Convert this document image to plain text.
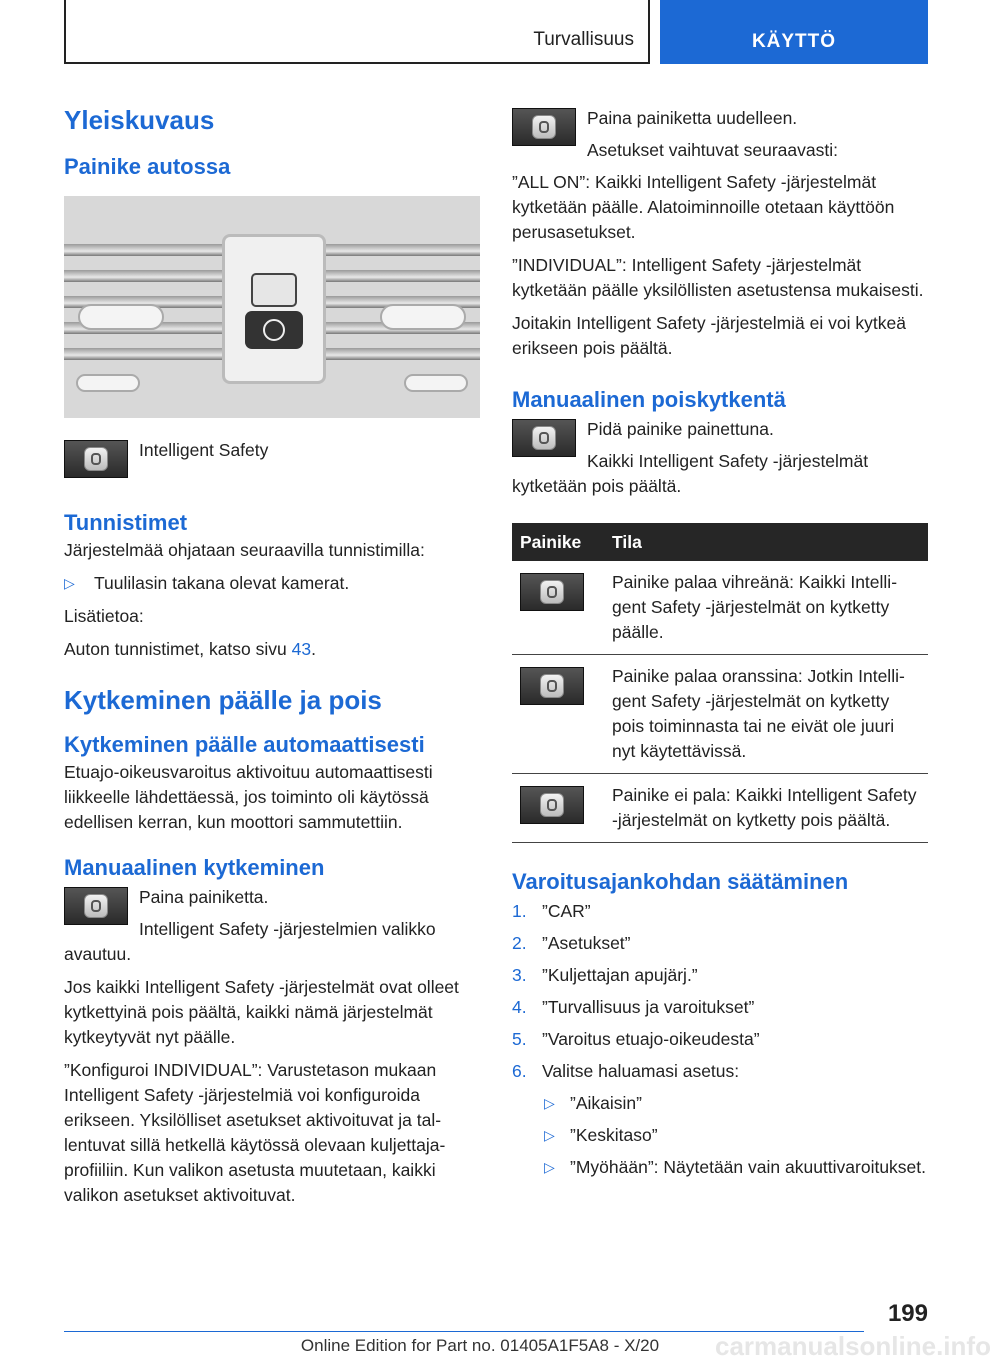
Turvallisuus	KÄYTTÖ
Yleiskuvaus
Painike autossa

Intelligent Safety

Tunnistimet

Järjestelmää ohjataan seuraavilla tunnistimilla:

▷ Tuulilasin takana olevat kamerat.

Lisätietoa:

Auton tunnistimet, katso sivu 43.

Kytkeminen päälle ja pois
Kytkeminen päälle automaattisesti

Etuajo-oikeusvaroitus aktivoituu automaattisesti liikkeelle lähdettäessä, jos toiminto oli käytössä edellisen kerran, kun moottori sammutettiin.

Manuaalinen kytkeminen

Paina painiketta.

Intelligent Safety -järjestelmien valikko avautuu.

Jos kaikki Intelligent Safety -järjestelmät ovat olleet kytkettyinä pois päältä, kaikki nämä järjestelmät kytkeytyvät nyt päälle.

”Konfiguroi INDIVIDUAL”: Varustetason mukaan Intelligent Safety -järjestelmiä voi konfiguroida erikseen. Yksilölliset asetukset aktivoituvat ja tallentuvat sillä hetkellä käytössä olevaan kuljettajaprofiiliin. Kun valikon asetusta muutetaan, kaikki valikon asetukset aktivoituvat.

Paina painiketta uudelleen.

Asetukset vaihtuvat seuraavasti:

”ALL ON”: Kaikki Intelligent Safety -järjestelmät kytketään päälle. Alatoiminnoille otetaan käyttöön perusasetukset.

”INDIVIDUAL”: Intelligent Safety -järjestelmät kytketään päälle yksilöllisten asetustensa mukaisesti.

Joitakin Intelligent Safety -järjestelmiä ei voi kytkeä erikseen pois päältä.

Manuaalinen poiskytkentä

Pidä painike painettuna.

Kaikki Intelligent Safety -järjestelmät kytketään pois päältä.

Painike	Tila

	Painike palaa vihreänä: Kaikki Intelligent Safety -järjestelmät on kytketty päälle.

	Painike palaa oranssina: Jotkin Intelligent Safety -järjestelmät on kytketty pois toiminnasta tai ne eivät ole juuri nyt käytettävissä.

	Painike ei pala: Kaikki Intelligent Safety -järjestelmät on kytketty pois päältä.
Varoitusajankohdan säätäminen
1. ”CAR”

2. ”Asetukset”

3. ”Kuljettajan apujärj.”

4. ”Turvallisuus ja varoitukset”

5. ”Varoitus etuajo-oikeudesta”

6. Valitse haluamasi asetus:

▷ ”Aikaisin”

▷ ”Keskitaso”

▷ ”Myöhään”: Näytetään vain akuuttivaroitukset.

199
carmanualsonline.info
Online Edition for Part no. 01405A1F5A8 - X/20
